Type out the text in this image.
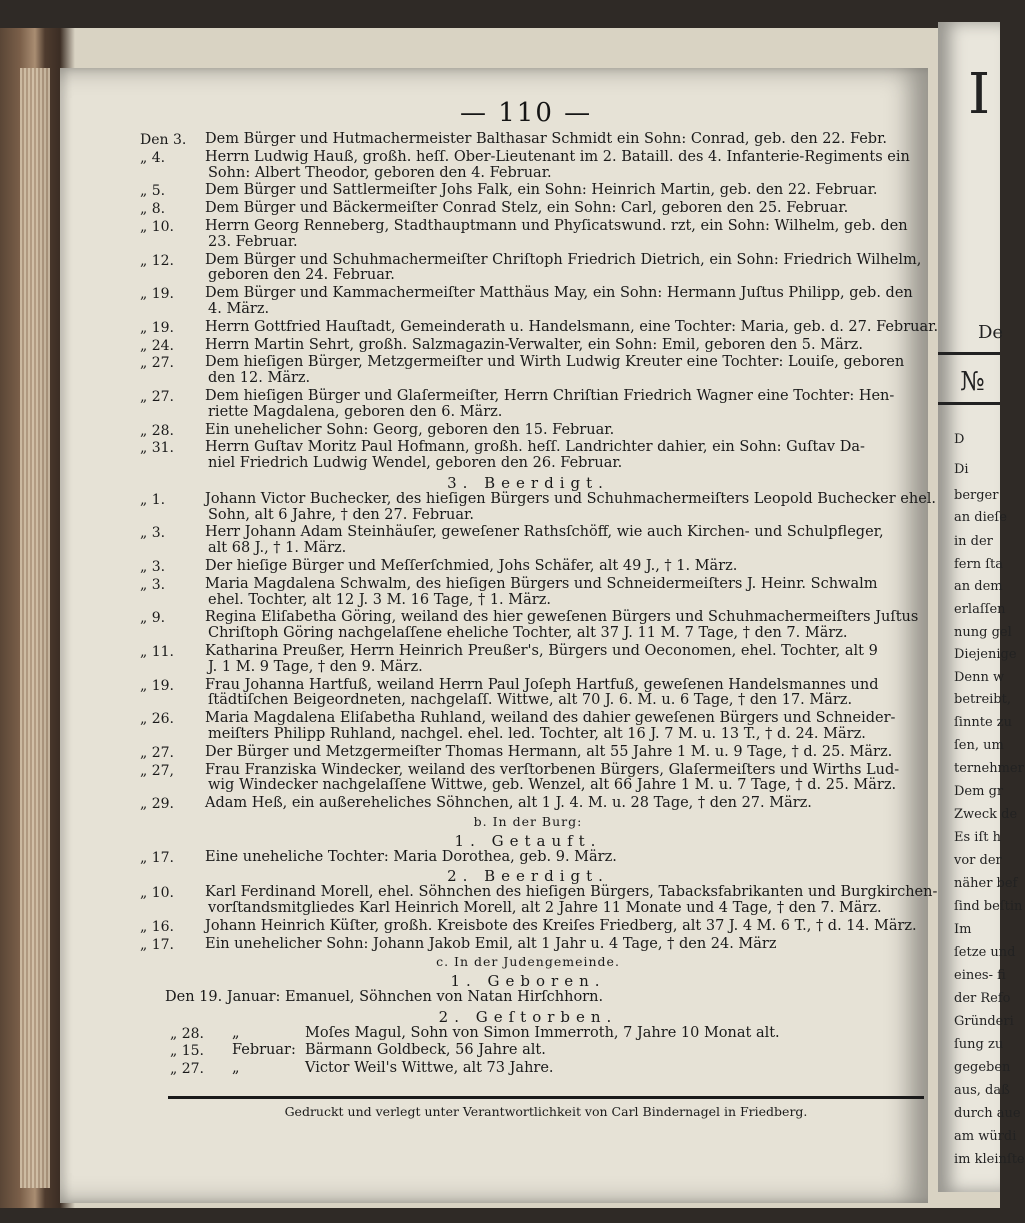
I
De
№
D
Di
berger
an dieſe
in der
fern ſta
an dem
erlaſſen
nung gel
Diejenige
Denn w
betreibt,
ſinnte zu
ſen, um
ternehmer
Dem gr
Zweck de
Es iſt h
vor der
näher bef
ſind beſtin
Im
ſetze und
eines- fi
der Refo
Gründeri
ſung zu
gegeben
aus, daß
durch aue
am würdi
im kleinſte
— 110 —
Den 3.	Dem Bürger und Hutmachermeister Balthasar Schmidt ein Sohn: Conrad, geb. den 22. Febr.
„ 4.	Herrn Ludwig Hauß, großh. heſſ. Ober-Lieutenant im 2. Bataill. des 4. Infanterie-Regiments ein
Sohn: Albert Theodor, geboren den 4. Februar.
„ 5.	Dem Bürger und Sattlermeiſter Johs Falk, ein Sohn: Heinrich Martin, geb. den 22. Februar.
„ 8.	Dem Bürger und Bäckermeiſter Conrad Stelz, ein Sohn: Carl, geboren den 25. Februar.
„ 10.	Herrn Georg Renneberg, Stadthauptmann und Phyſicatswund. rzt, ein Sohn: Wilhelm, geb. den
23. Februar.
„ 12.	Dem Bürger und Schuhmachermeiſter Chriſtoph Friedrich Dietrich, ein Sohn: Friedrich Wilhelm,
geboren den 24. Februar.
„ 19.	Dem Bürger und Kammachermeiſter Matthäus May, ein Sohn: Hermann Juſtus Philipp, geb. den
4. März.
„ 19.	Herrn Gottfried Hauſtadt, Gemeinderath u. Handelsmann, eine Tochter: Maria, geb. d. 27. Februar.
„ 24.	Herrn Martin Sehrt, großh. Salzmagazin-Verwalter, ein Sohn: Emil, geboren den 5. März.
„ 27.	Dem hieſigen Bürger, Metzgermeiſter und Wirth Ludwig Kreuter eine Tochter: Louiſe, geboren
den 12. März.
„ 27.	Dem hieſigen Bürger und Glaſermeiſter, Herrn Chriſtian Friedrich Wagner eine Tochter: Hen-
riette Magdalena, geboren den 6. März.
„ 28.	Ein unehelicher Sohn: Georg, geboren den 15. Februar.
„ 31.	Herrn Guſtav Moritz Paul Hofmann, großh. heſſ. Landrichter dahier, ein Sohn: Guſtav Da-
niel Friedrich Ludwig Wendel, geboren den 26. Februar.
3. Beerdigt.
„ 1.	Johann Victor Buchecker, des hieſigen Bürgers und Schuhmachermeiſters Leopold Buchecker ehel.
Sohn, alt 6 Jahre, † den 27. Februar.
„ 3.	Herr Johann Adam Steinhäuſer, geweſener Rathsſchöff, wie auch Kirchen- und Schulpfleger,
alt 68 J., † 1. März.
„ 3.	Der hieſige Bürger und Meſſerſchmied, Johs Schäfer, alt 49 J., † 1. März.
„ 3.	Maria Magdalena Schwalm, des hieſigen Bürgers und Schneidermeiſters J. Heinr. Schwalm
ehel. Tochter, alt 12 J. 3 M. 16 Tage, † 1. März.
„ 9.	Regina Eliſabetha Göring, weiland des hier geweſenen Bürgers und Schuhmachermeiſters Juſtus
Chriſtoph Göring nachgelaſſene eheliche Tochter, alt 37 J. 11 M. 7 Tage, † den 7. März.
„ 11.	Katharina Preußer, Herrn Heinrich Preußer's, Bürgers und Oeconomen, ehel. Tochter, alt 9
J. 1 M. 9 Tage, † den 9. März.
„ 19.	Frau Johanna Hartfuß, weiland Herrn Paul Joſeph Hartfuß, geweſenen Handelsmannes und
ſtädtiſchen Beigeordneten, nachgelaſſ. Wittwe, alt 70 J. 6. M. u. 6 Tage, † den 17. März.
„ 26.	Maria Magdalena Eliſabetha Ruhland, weiland des dahier geweſenen Bürgers und Schneider-
meiſters Philipp Ruhland, nachgel. ehel. led. Tochter, alt 16 J. 7 M. u. 13 T., † d. 24. März.
„ 27.	Der Bürger und Metzgermeiſter Thomas Hermann, alt 55 Jahre 1 M. u. 9 Tage, † d. 25. März.
„ 27,	Frau Franziska Windecker, weiland des verſtorbenen Bürgers, Glaſermeiſters und Wirths Lud-
wig Windecker nachgelaſſene Wittwe, geb. Wenzel, alt 66 Jahre 1 M. u. 7 Tage, † d. 25. März.
„ 29.	Adam Heß, ein außereheliches Söhnchen, alt 1 J. 4. M. u. 28 Tage, † den 27. März.
b. In der Burg:
1. Getauft.
„ 17.	Eine uneheliche Tochter: Maria Dorothea, geb. 9. März.
2. Beerdigt.
„ 10.	Karl Ferdinand Morell, ehel. Söhnchen des hieſigen Bürgers, Tabacksfabrikanten und Burgkirchen-
vorſtandsmitgliedes Karl Heinrich Morell, alt 2 Jahre 11 Monate und 4 Tage, † den 7. März.
„ 16.	Johann Heinrich Küſter, großh. Kreisbote des Kreiſes Friedberg, alt 37 J. 4 M. 6 T., † d. 14. März.
„ 17.	Ein unehelicher Sohn: Johann Jakob Emil, alt 1 Jahr u. 4 Tage, † den 24. März
c. In der Judengemeinde.
1. Geboren.
Den 19. Januar: Emanuel, Söhnchen von Natan Hirſchhorn.
2. Geſtorben.
„ 28.	„	Moſes Magul, Sohn von Simon Immerroth, 7 Jahre 10 Monat alt.
„ 15.	Februar: Bärmann Goldbeck, 56 Jahre alt.
„ 27.	„	Victor Weil's Wittwe, alt 73 Jahre.
Gedruckt und verlegt unter Verantwortlichkeit von Carl Bindernagel in Friedberg.
